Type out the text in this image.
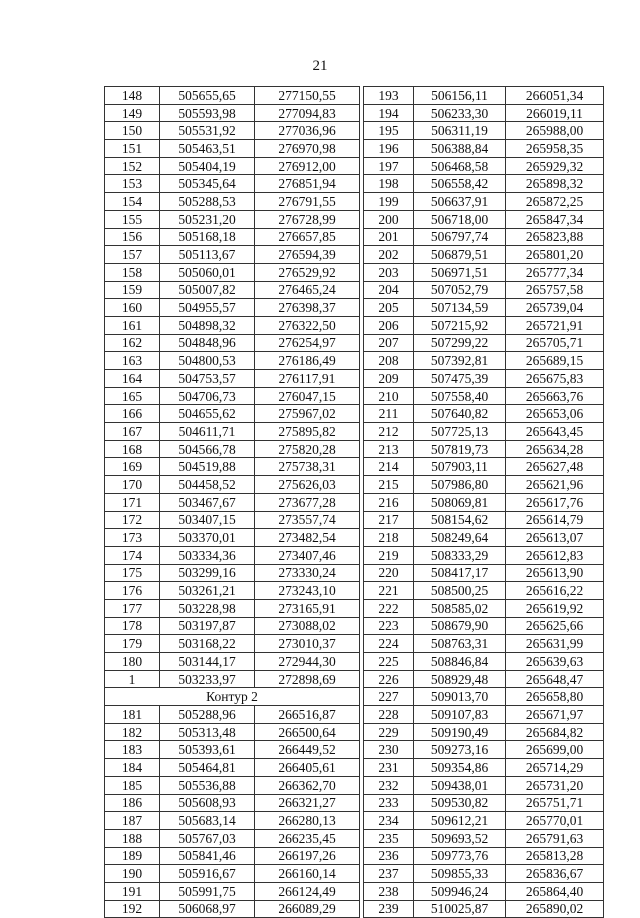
21
148	505655,65	277150,55
149	505593,98	277094,83
150	505531,92	277036,96
151	505463,51	276970,98
152	505404,19	276912,00
153	505345,64	276851,94
154	505288,53	276791,55
155	505231,20	276728,99
156	505168,18	276657,85
157	505113,67	276594,39
158	505060,01	276529,92
159	505007,82	276465,24
160	504955,57	276398,37
161	504898,32	276322,50
162	504848,96	276254,97
163	504800,53	276186,49
164	504753,57	276117,91
165	504706,73	276047,15
166	504655,62	275967,02
167	504611,71	275895,82
168	504566,78	275820,28
169	504519,88	275738,31
170	504458,52	275626,03
171	503467,67	273677,28
172	503407,15	273557,74
173	503370,01	273482,54
174	503334,36	273407,46
175	503299,16	273330,24
176	503261,21	273243,10
177	503228,98	273165,91
178	503197,87	273088,02
179	503168,22	273010,37
180	503144,17	272944,30
1	503233,97	272898,69
Контур 2		
181	505288,96	266516,87
182	505313,48	266500,64
183	505393,61	266449,52
184	505464,81	266405,61
185	505536,88	266362,70
186	505608,93	266321,27
187	505683,14	266280,13
188	505767,03	266235,45
189	505841,46	266197,26
190	505916,67	266160,14
191	505991,75	266124,49
192	506068,97	266089,29
193	506156,11	266051,34
194	506233,30	266019,11
195	506311,19	265988,00
196	506388,84	265958,35
197	506468,58	265929,32
198	506558,42	265898,32
199	506637,91	265872,25
200	506718,00	265847,34
201	506797,74	265823,88
202	506879,51	265801,20
203	506971,51	265777,34
204	507052,79	265757,58
205	507134,59	265739,04
206	507215,92	265721,91
207	507299,22	265705,71
208	507392,81	265689,15
209	507475,39	265675,83
210	507558,40	265663,76
211	507640,82	265653,06
212	507725,13	265643,45
213	507819,73	265634,28
214	507903,11	265627,48
215	507986,80	265621,96
216	508069,81	265617,76
217	508154,62	265614,79
218	508249,64	265613,07
219	508333,29	265612,83
220	508417,17	265613,90
221	508500,25	265616,22
222	508585,02	265619,92
223	508679,90	265625,66
224	508763,31	265631,99
225	508846,84	265639,63
226	508929,48	265648,47
227	509013,70	265658,80
228	509107,83	265671,97
229	509190,49	265684,82
230	509273,16	265699,00
231	509354,86	265714,29
232	509438,01	265731,20
233	509530,82	265751,71
234	509612,21	265770,01
235	509693,52	265791,63
236	509773,76	265813,28
237	509855,33	265836,67
238	509946,24	265864,40
239	510025,87	265890,02
